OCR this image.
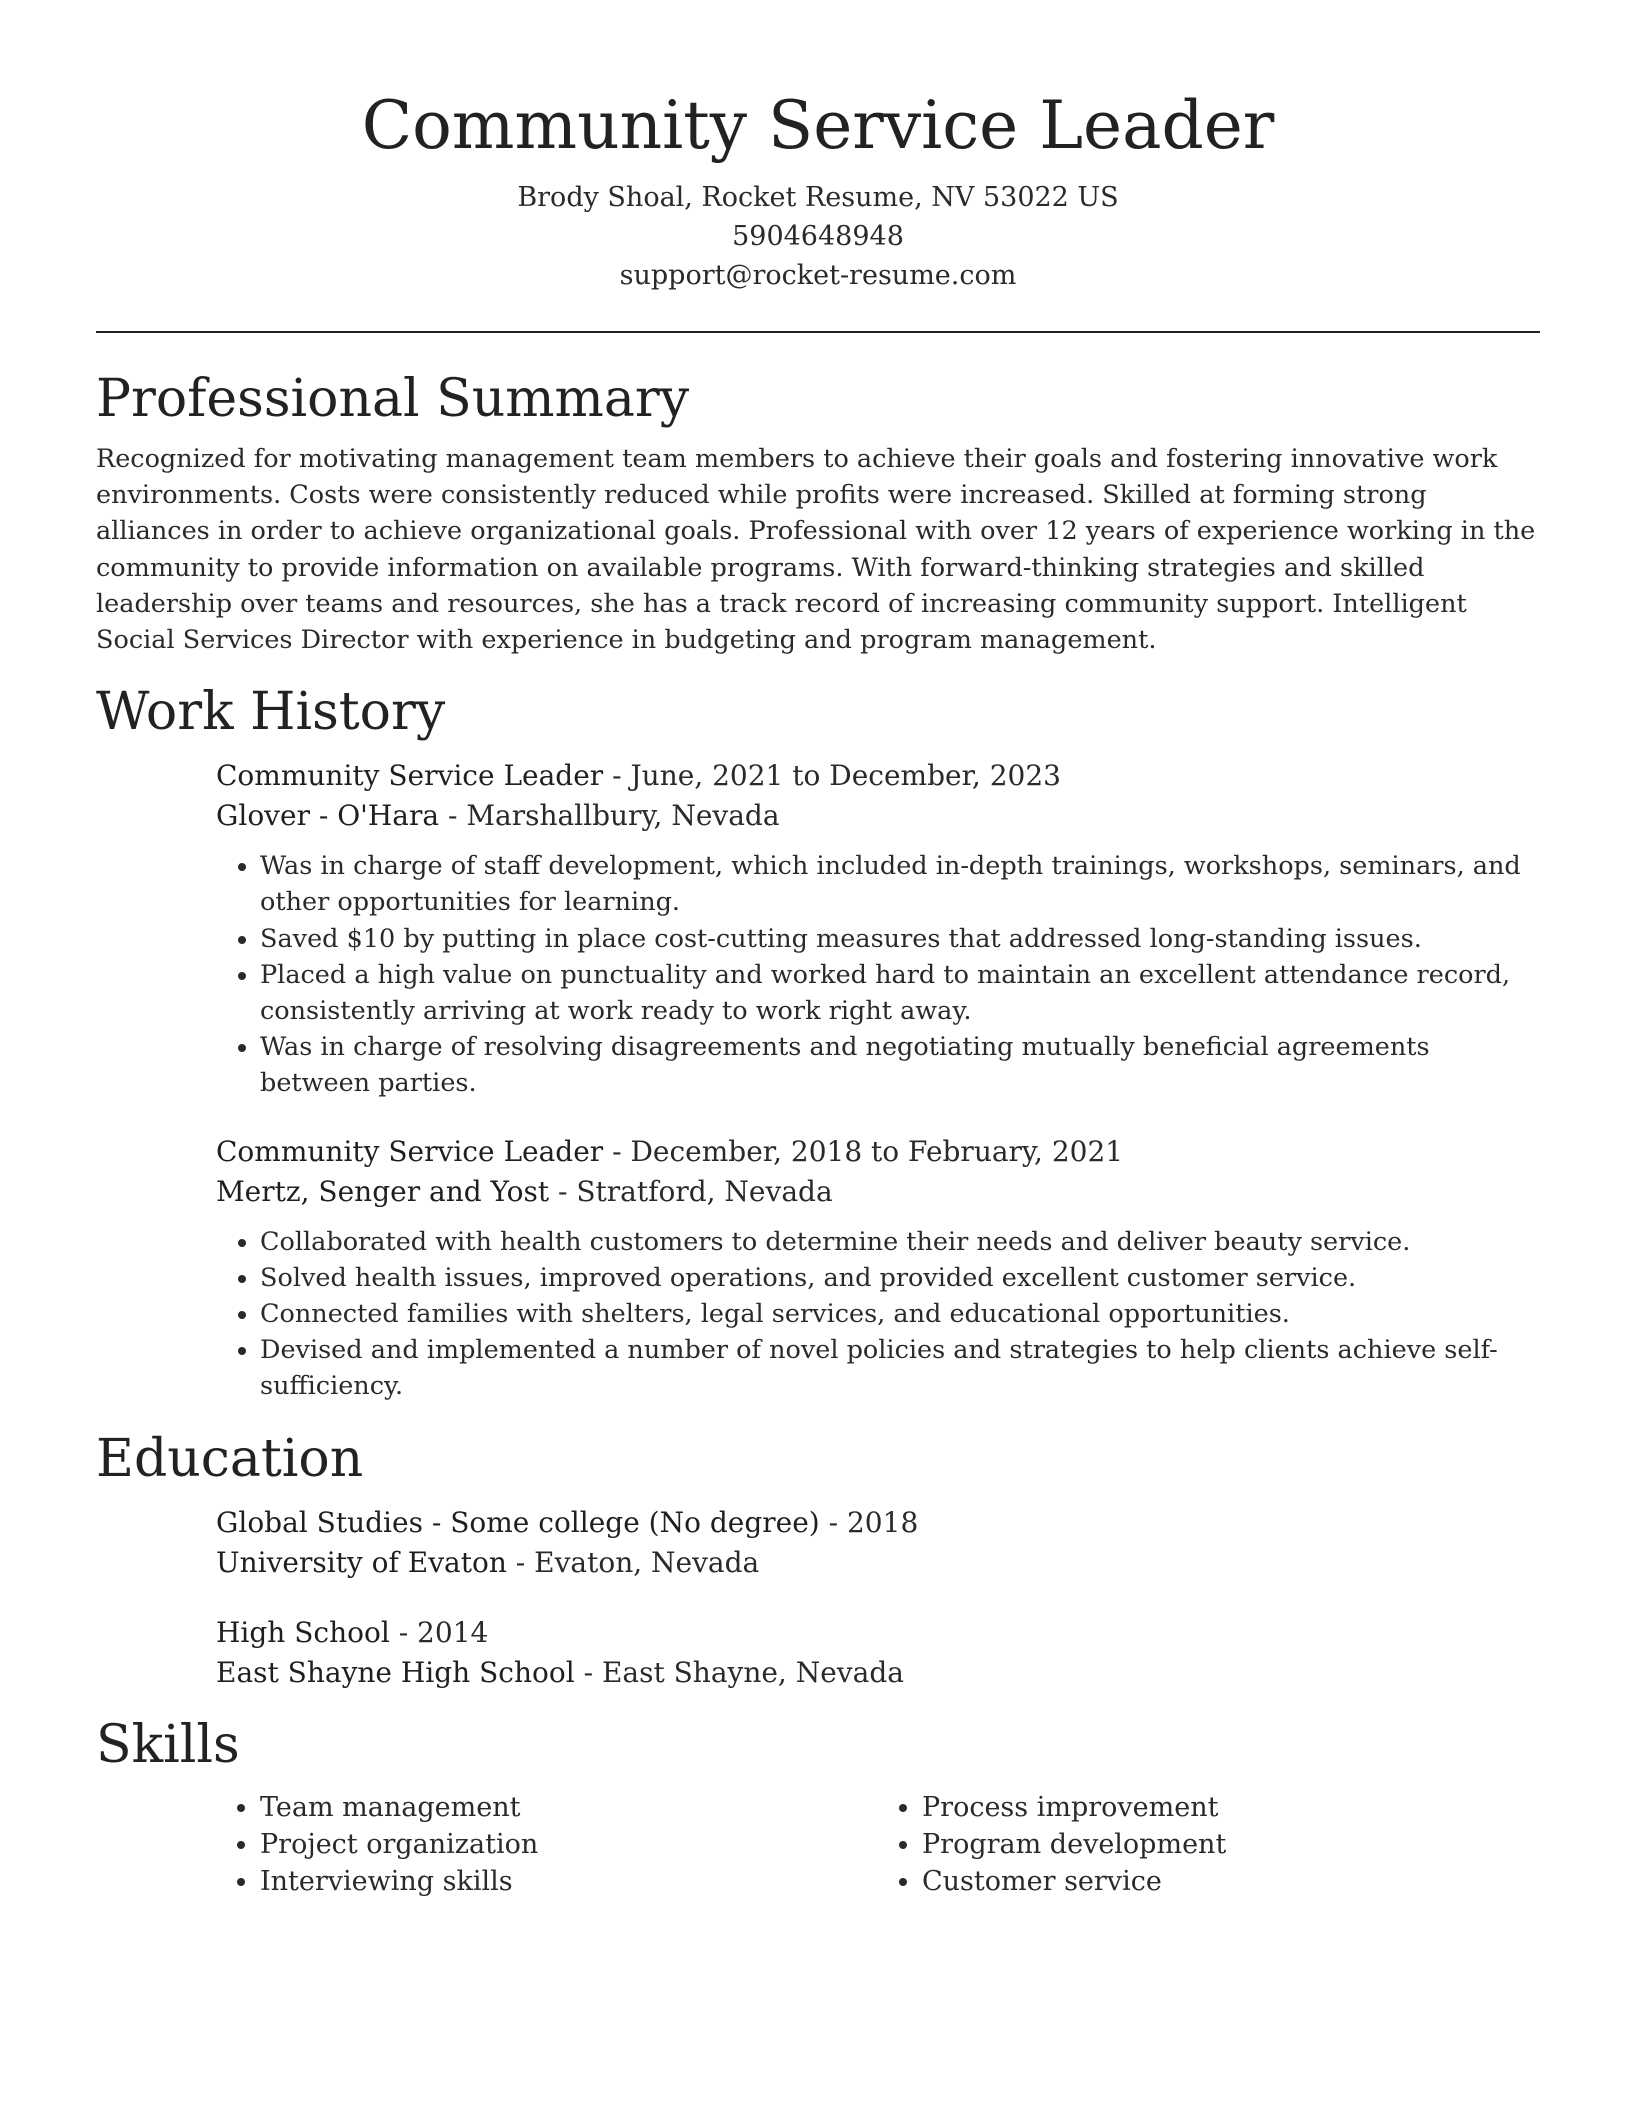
Community Service Leader
Brody Shoal, Rocket Resume, NV 53022 US
5904648948
support@rocket-resume.com
Professional Summary

Recognized for motivating management team members to achieve their goals and fostering innovative work environments. Costs were consistently reduced while profits were increased. Skilled at forming strong alliances in order to achieve organizational goals. Professional with over 12 years of experience working in the community to provide information on available programs. With forward-thinking strategies and skilled leadership over teams and resources, she has a track record of increasing community support. Intelligent Social Services Director with experience in budgeting and program management.

Work History
Community Service Leader - June, 2021 to December, 2023
Glover - O'Hara - Marshallbury, Nevada
• Was in charge of staff development, which included in-depth trainings, workshops, seminars, and other opportunities for learning.
• Saved $10 by putting in place cost-cutting measures that addressed long-standing issues.
• Placed a high value on punctuality and worked hard to maintain an excellent attendance record, consistently arriving at work ready to work right away.
• Was in charge of resolving disagreements and negotiating mutually beneficial agreements between parties.
Community Service Leader - December, 2018 to February, 2021
Mertz, Senger and Yost - Stratford, Nevada
• Collaborated with health customers to determine their needs and deliver beauty service.
• Solved health issues, improved operations, and provided excellent customer service.
• Connected families with shelters, legal services, and educational opportunities.
• Devised and implemented a number of novel policies and strategies to help clients achieve self-sufficiency.
Education
Global Studies - Some college (No degree) - 2018
University of Evaton - Evaton, Nevada
High School - 2014
East Shayne High School - East Shayne, Nevada
Skills
• Team management
• Project organization
• Interviewing skills
• Process improvement
• Program development
• Customer service
